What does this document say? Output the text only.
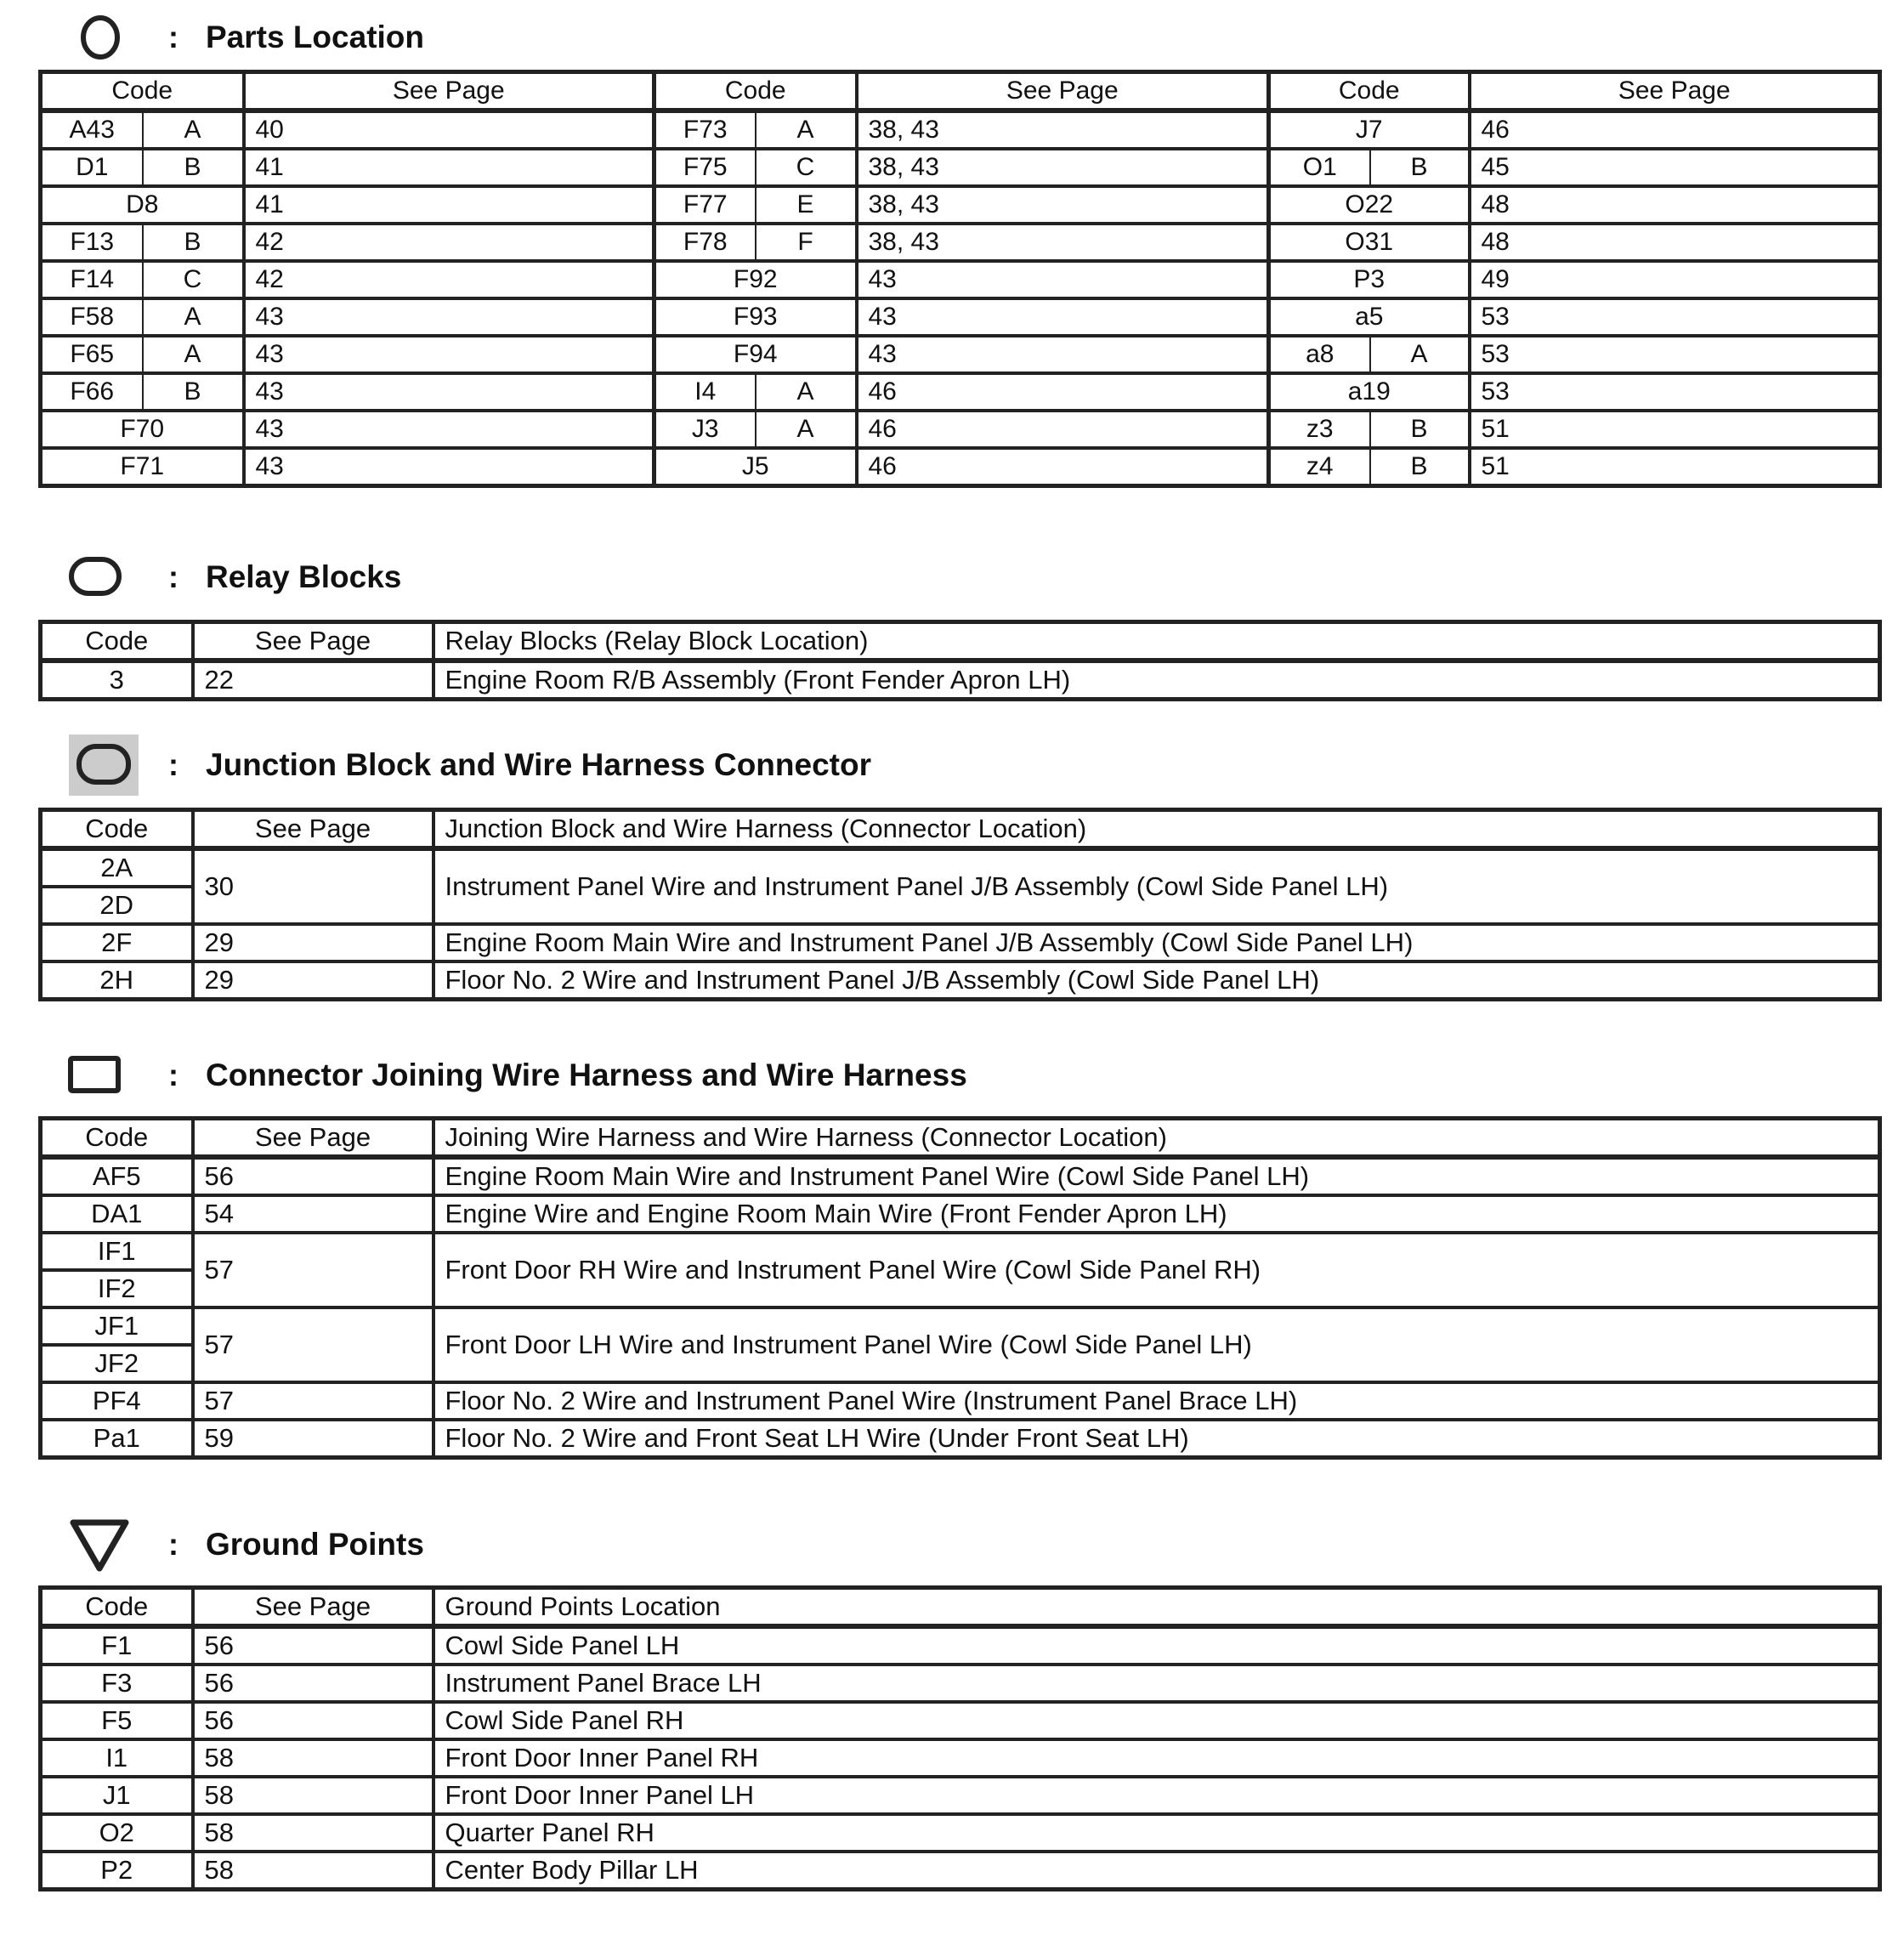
: Parts Location
: Relay Blocks
: Junction Block and Wire Harness Connector
: Connector Joining Wire Harness and Wire Harness
: Ground Points
Code		See Page	Code		See Page	Code		See Page
A43	A	40	F73	A	38, 43	J7		46
D1	B	41	F75	C	38, 43	O1	B	45
D8		41	F77	E	38, 43	O22		48
F13	B	42	F78	F	38, 43	O31		48
F14	C	42	F92		43	P3		49
F58	A	43	F93		43	a5		53
F65	A	43	F94		43	a8	A	53
F66	B	43	I4	A	46	a19		53
F70		43	J3	A	46	z3	B	51
F71		43	J5		46	z4	B	51
Code	See Page	Relay Blocks (Relay Block Location)
3	22	Engine Room R/B Assembly (Front Fender Apron LH)
Code	See Page	Junction Block and Wire Harness (Connector Location)
2A	30	Instrument Panel Wire and Instrument Panel J/B Assembly (Cowl Side Panel LH)
2D		
2F	29	Engine Room Main Wire and Instrument Panel J/B Assembly (Cowl Side Panel LH)
2H	29	Floor No. 2 Wire and Instrument Panel J/B Assembly (Cowl Side Panel LH)
Code	See Page	Joining Wire Harness and Wire Harness (Connector Location)
AF5	56	Engine Room Main Wire and Instrument Panel Wire (Cowl Side Panel LH)
DA1	54	Engine Wire and Engine Room Main Wire (Front Fender Apron LH)
IF1	57	Front Door RH Wire and Instrument Panel Wire (Cowl Side Panel RH)
IF2		
JF1	57	Front Door LH Wire and Instrument Panel Wire (Cowl Side Panel LH)
JF2		
PF4	57	Floor No. 2 Wire and Instrument Panel Wire (Instrument Panel Brace LH)
Pa1	59	Floor No. 2 Wire and Front Seat LH Wire (Under Front Seat LH)
Code	See Page	Ground Points Location
F1	56	Cowl Side Panel LH
F3	56	Instrument Panel Brace LH
F5	56	Cowl Side Panel RH
I1	58	Front Door Inner Panel RH
J1	58	Front Door Inner Panel LH
O2	58	Quarter Panel RH
P2	58	Center Body Pillar LH
